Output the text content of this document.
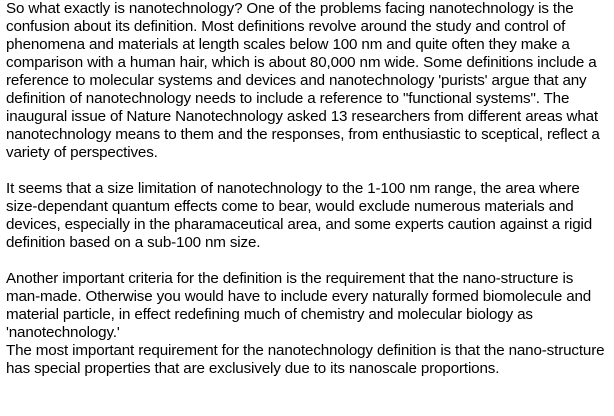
So what exactly is nanotechnology? One of the problems facing nanotechnology is the confusion about its definition. Most definitions revolve around the study and control of phenomena and materials at length scales below 100 nm and quite often they make a comparison with a human hair, which is about 80,000 nm wide. Some definitions include a reference to molecular systems and devices and nanotechnology 'purists' argue that any definition of nanotechnology needs to include a reference to "functional systems". The inaugural issue of Nature Nanotechnology asked 13 researchers from different areas what nanotechnology means to them and the responses, from enthusiastic to sceptical, reflect a variety of perspectives.

It seems that a size limitation of nanotechnology to the 1-100 nm range, the area where size-dependant quantum effects come to bear, would exclude numerous materials and devices, especially in the pharamaceutical area, and some experts caution against a rigid definition based on a sub-100 nm size.

Another important criteria for the definition is the requirement that the nano-structure is man-made. Otherwise you would have to include every naturally formed biomolecule and material particle, in effect redefining much of chemistry and molecular biology as 'nanotechnology.'

The most important requirement for the nanotechnology definition is that the nano-structure has special properties that are exclusively due to its nanoscale proportions.
